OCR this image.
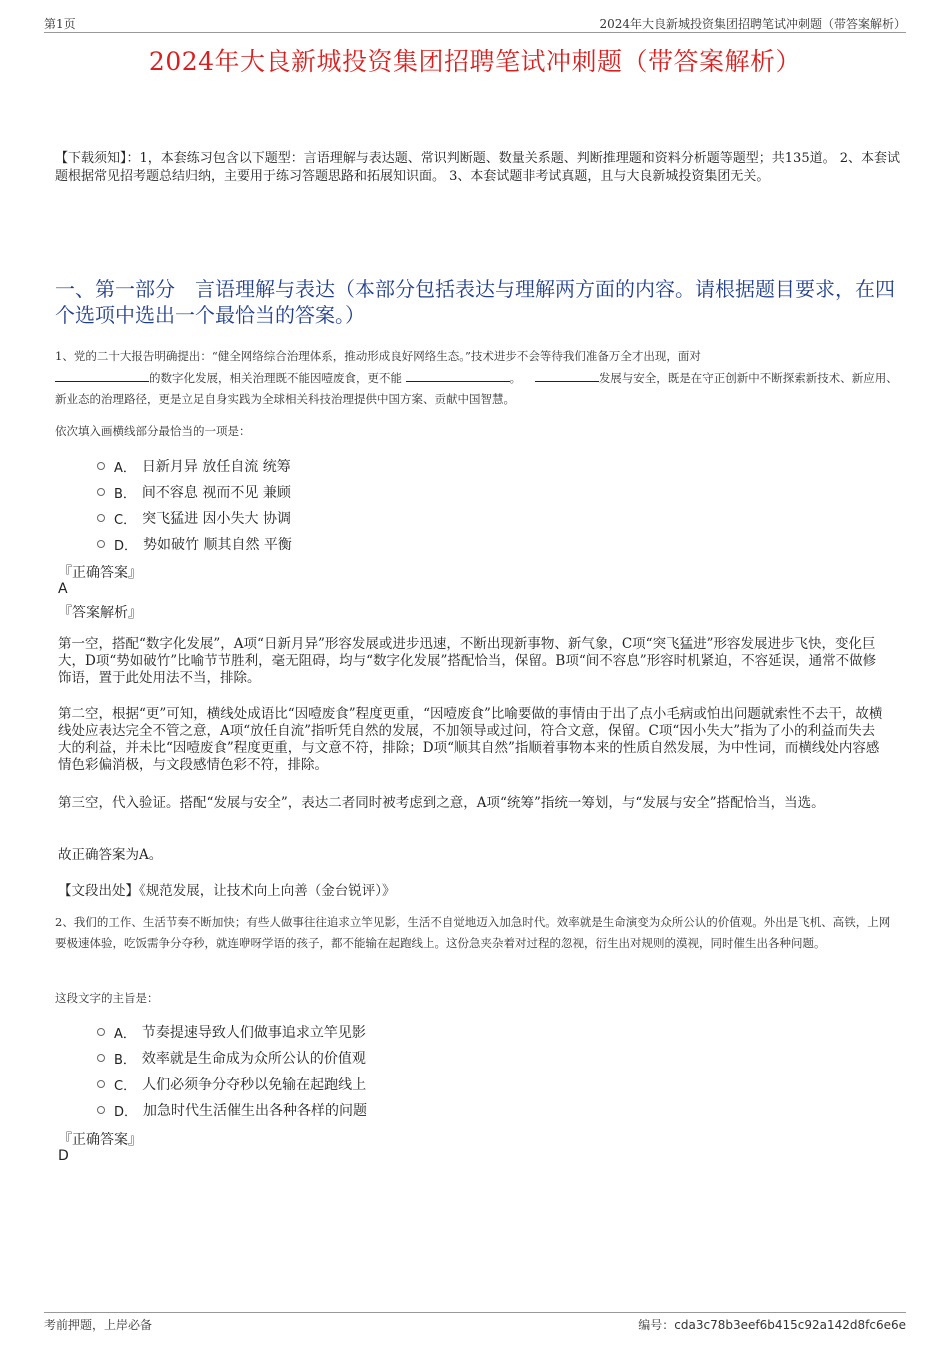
第1页	2024年大良新城投资集团招聘笔试冲刺题（带答案解析）
2024年大良新城投资集团招聘笔试冲刺题（带答案解析）
【下载须知】：1，本套练习包含以下题型：言语理解与表达题、常识判断题、数量关系题、判断推理题和资料分析题等题型；共135道。 2、本套试题根据常见招考题总结归纳，主要用于练习答题思路和拓展知识面。 3、本套试题非考试真题，且与大良新城投资集团无关。
一、第一部分　言语理解与表达（本部分包括表达与理解两方面的内容。请根据题目要求，在四个选项中选出一个最恰当的答案。）
1、党的二十大报告明确提出：“健全网络综合治理体系，推动形成良好网络生态。”技术进步不会等待我们准备万全才出现，面对
的数字化发展，相关治理既不能因噎废食，更不能	。	发展与安全，既是在守正创新中不断探索新技术、新应用、新业态的治理路径，更是立足自身实践为全球相关科技治理提供中国方案、贡献中国智慧。
依次填入画横线部分最恰当的一项是：
A． 日新月异 放任自流 统筹
B． 间不容息 视而不见 兼顾
C． 突飞猛进 因小失大 协调
D． 势如破竹 顺其自然 平衡
『正确答案』
A
『答案解析』
第一空，搭配“数字化发展”，A项“日新月异”形容发展或进步迅速，不断出现新事物、新气象，C项“突飞猛进”形容发展进步飞快，变化巨大，D项“势如破竹”比喻节节胜利，毫无阻碍，均与“数字化发展”搭配恰当，保留。B项“间不容息”形容时机紧迫，不容延误，通常不做修饰语，置于此处用法不当，排除。
第二空，根据“更”可知，横线处成语比“因噎废食”程度更重，“因噎废食”比喻要做的事情由于出了点小毛病或怕出问题就索性不去干，故横线处应表达完全不管之意，A项“放任自流”指听凭自然的发展，不加领导或过问，符合文意，保留。C项“因小失大”指为了小的利益而失去大的利益，并未比“因噎废食”程度更重，与文意不符，排除；D项“顺其自然”指顺着事物本来的性质自然发展，为中性词，而横线处内容感情色彩偏消极，与文段感情色彩不符，排除。
第三空，代入验证。搭配“发展与安全”，表达二者同时被考虑到之意，A项“统筹”指统一筹划，与“发展与安全”搭配恰当，当选。
故正确答案为A。
【文段出处】《规范发展，让技术向上向善（金台锐评）》
2、我们的工作、生活节奏不断加快；有些人做事往往追求立竿见影，生活不自觉地迈入加急时代。效率就是生命演变为众所公认的价值观。外出是飞机、高铁，上网要极速体验，吃饭需争分夺秒，就连咿呀学语的孩子，都不能输在起跑线上。这份急夹杂着对过程的忽视，衍生出对规则的漠视，同时催生出各种问题。
这段文字的主旨是：
A． 节奏提速导致人们做事追求立竿见影
B． 效率就是生命成为众所公认的价值观
C． 人们必须争分夺秒以免输在起跑线上
D． 加急时代生活催生出各种各样的问题
『正确答案』
D
考前押题，上岸必备	编号：cda3c78b3eef6b415c92a142d8fc6e6e
